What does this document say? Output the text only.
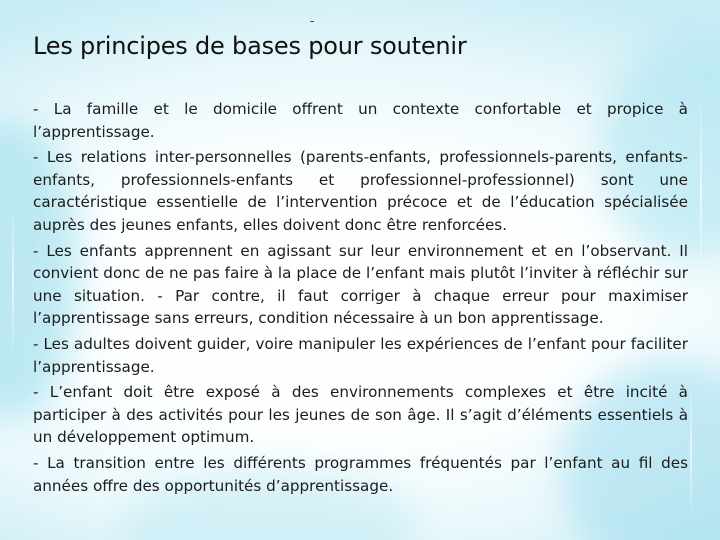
-
Les principes de bases pour soutenir

- La famille et le domicile offrent un contexte confortable et propice à l’apprentissage.

- Les relations inter-personnelles (parents-enfants, professionnels-parents, enfants-enfants, professionnels-enfants et professionnel-professionnel) sont une caractéristique essentielle de l’intervention précoce et de l’éducation spécialisée auprès des jeunes enfants, elles doivent donc être renforcées.

- Les enfants apprennent en agissant sur leur environnement et en l’observant. Il convient donc de ne pas faire à la place de l’enfant mais plutôt l’inviter à réfléchir sur une situation. - Par contre, il faut corriger à chaque erreur pour maximiser l’apprentissage sans erreurs, condition nécessaire à un bon apprentissage.

- Les adultes doivent guider, voire manipuler les expériences de l’enfant pour faciliter l’apprentissage.

- L’enfant doit être exposé à des environnements complexes et être incité à participer à des activités pour les jeunes de son âge. Il s’agit d’éléments essentiels à un développement optimum.

- La transition entre les différents programmes fréquentés par l’enfant au fil des années offre des opportunités d’apprentissage.
